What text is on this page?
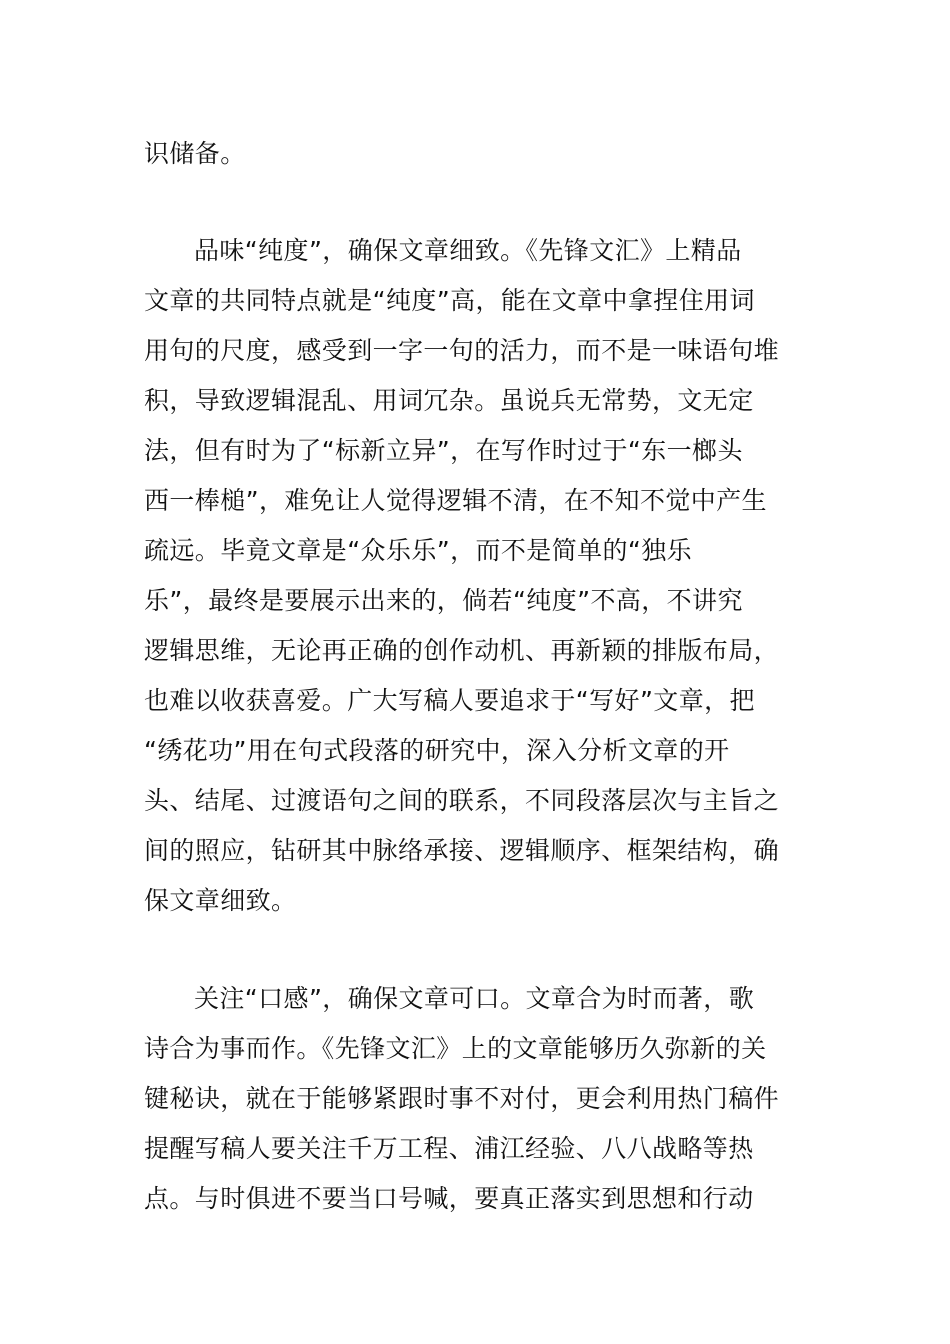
识储备。
品味“纯度”，确保文章细致。《先锋文汇》上精品
文章的共同特点就是“纯度”高，能在文章中拿捏住用词
用句的尺度，感受到一字一句的活力，而不是一味语句堆
积，导致逻辑混乱、用词冗杂。虽说兵无常势，文无定
法，但有时为了“标新立异”，在写作时过于“东一榔头
西一棒槌”，难免让人觉得逻辑不清，在不知不觉中产生
疏远。毕竟文章是“众乐乐”，而不是简单的“独乐
乐”，最终是要展示出来的，倘若“纯度”不高，不讲究
逻辑思维，无论再正确的创作动机、再新颖的排版布局，
也难以收获喜爱。广大写稿人要追求于“写好”文章，把
“绣花功”用在句式段落的研究中，深入分析文章的开
头、结尾、过渡语句之间的联系，不同段落层次与主旨之
间的照应，钻研其中脉络承接、逻辑顺序、框架结构，确
保文章细致。
关注“口感”，确保文章可口。文章合为时而著，歌
诗合为事而作。《先锋文汇》上的文章能够历久弥新的关
键秘诀，就在于能够紧跟时事不对付，更会利用热门稿件
提醒写稿人要关注千万工程、浦江经验、八八战略等热
点。与时俱进不要当口号喊，要真正落实到思想和行动
